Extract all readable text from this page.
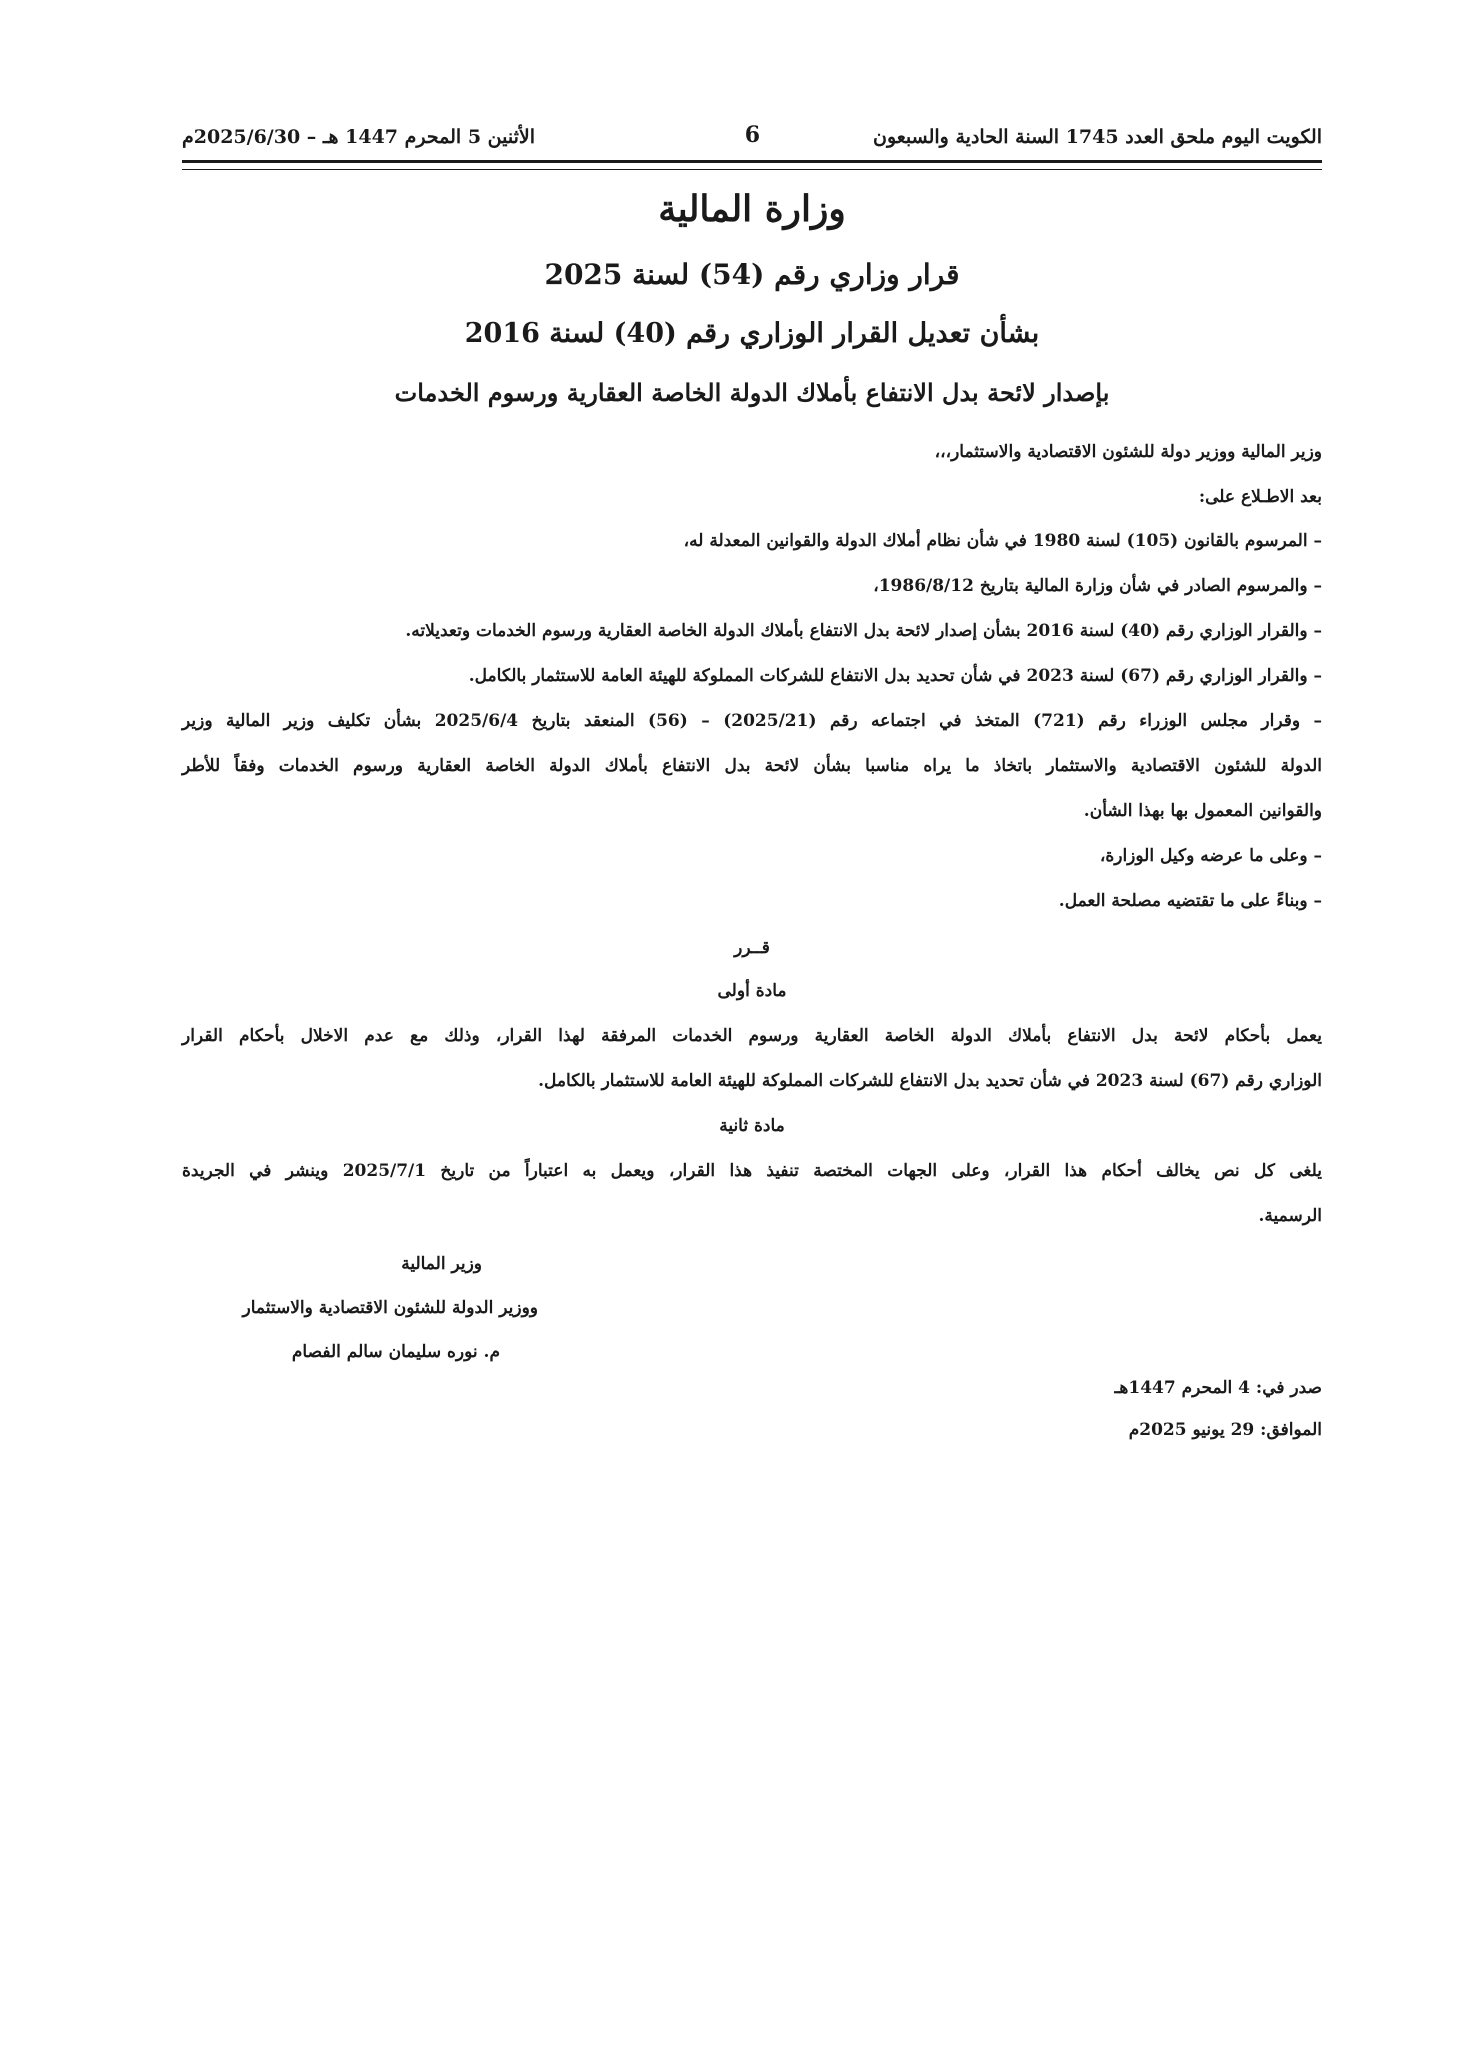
الكويت اليوم ملحق العدد 1745 السنة الحادية والسبعون
6
الأثنين 5 المحرم 1447 هـ – 2025/6/30م
وزارة المالية
قرار وزاري رقم (54) لسنة 2025
بشأن تعديل القرار الوزاري رقم (40) لسنة 2016
بإصدار لائحة بدل الانتفاع بأملاك الدولة الخاصة العقارية ورسوم الخدمات
وزير المالية ووزير دولة للشئون الاقتصادية والاستثمار،،،
بعد الاطـلاع على:
– المرسوم بالقانون (105) لسنة 1980 في شأن نظام أملاك الدولة والقوانين المعدلة له،
– والمرسوم الصادر في شأن وزارة المالية بتاريخ 1986/8/12،
– والقرار الوزاري رقم (40) لسنة 2016 بشأن إصدار لائحة بدل الانتفاع بأملاك الدولة الخاصة العقارية ورسوم الخدمات وتعديلاته.
– والقرار الوزاري رقم (67) لسنة 2023 في شأن تحديد بدل الانتفاع للشركات المملوكة للهيئة العامة للاستثمار بالكامل.
– وقرار مجلس الوزراء رقم (721) المتخذ في اجتماعه رقم (2025/21) – (56) المنعقد بتاريخ 2025/6/4 بشأن تكليف وزير المالية وزير
الدولة للشئون الاقتصادية والاستثمار باتخاذ ما يراه مناسبا بشأن لائحة بدل الانتفاع بأملاك الدولة الخاصة العقارية ورسوم الخدمات وفقاً للأطر
والقوانين المعمول بها بهذا الشأن.
– وعلى ما عرضه وكيل الوزارة،
– وبناءً على ما تقتضيه مصلحة العمل.
قــرر
مادة أولى
يعمل بأحكام لائحة بدل الانتفاع بأملاك الدولة الخاصة العقارية ورسوم الخدمات المرفقة لهذا القرار، وذلك مع عدم الاخلال بأحكام القرار
الوزاري رقم (67) لسنة 2023 في شأن تحديد بدل الانتفاع للشركات المملوكة للهيئة العامة للاستثمار بالكامل.
مادة ثانية
يلغى كل نص يخالف أحكام هذا القرار، وعلى الجهات المختصة تنفيذ هذا القرار، ويعمل به اعتباراً من تاريخ 2025/7/1 وينشر في الجريدة
الرسمية.
وزير المالية
ووزير الدولة للشئون الاقتصادية والاستثمار
م. نوره سليمان سالم الفصام
صدر في: 4 المحرم 1447هـ
الموافق: 29 يونيو 2025م
